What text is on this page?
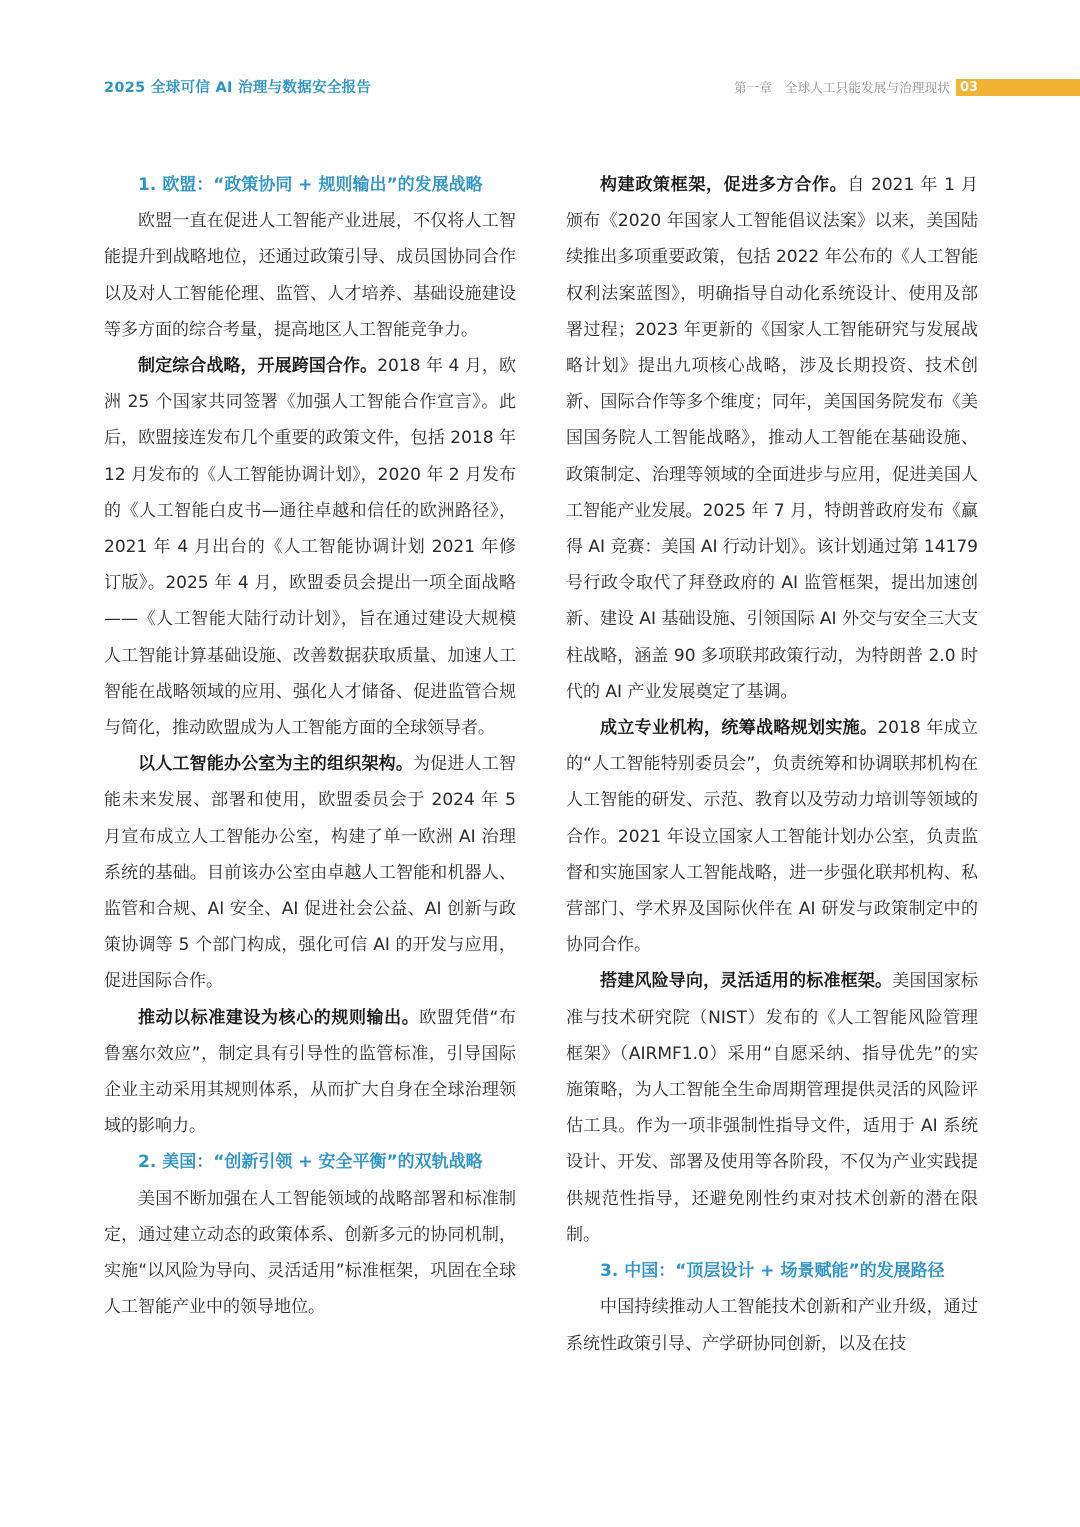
2025 全球可信 AI 治理与数据安全报告	第一章　全球人工只能发展与治理现状 03
1. 欧盟：“政策协同 + 规则输出”的发展战略

欧盟一直在促进人工智能产业进展，不仅将人工智能提升到战略地位，还通过政策引导、成员国协同合作以及对人工智能伦理、监管、人才培养、基础设施建设等多方面的综合考量，提高地区人工智能竞争力。

制定综合战略，开展跨国合作。2018 年 4 月，欧洲 25 个国家共同签署《加强人工智能合作宣言》。此后，欧盟接连发布几个重要的政策文件，包括 2018 年 12 月发布的《人工智能协调计划》，2020 年 2 月发布的《人工智能白皮书—通往卓越和信任的欧洲路径》，2021 年 4 月出台的《人工智能协调计划 2021 年修订版》。2025 年 4 月，欧盟委员会提出一项全面战略——《人工智能大陆行动计划》，旨在通过建设大规模人工智能计算基础设施、改善数据获取质量、加速人工智能在战略领域的应用、强化人才储备、促进监管合规与简化，推动欧盟成为人工智能方面的全球领导者。

以人工智能办公室为主的组织架构。为促进人工智能未来发展、部署和使用，欧盟委员会于 2024 年 5 月宣布成立人工智能办公室，构建了单一欧洲 AI 治理系统的基础。目前该办公室由卓越人工智能和机器人、监管和合规、AI 安全、AI 促进社会公益、AI 创新与政策协调等 5 个部门构成，强化可信 AI 的开发与应用，促进国际合作。

推动以标准建设为核心的规则输出。欧盟凭借“布鲁塞尔效应”，制定具有引导性的监管标准，引导国际企业主动采用其规则体系，从而扩大自身在全球治理领域的影响力。

2. 美国：“创新引领 + 安全平衡”的双轨战略

美国不断加强在人工智能领域的战略部署和标准制定，通过建立动态的政策体系、创新多元的协同机制，实施“以风险为导向、灵活适用”标准框架，巩固在全球人工智能产业中的领导地位。

构建政策框架，促进多方合作。自 2021 年 1 月颁布《2020 年国家人工智能倡议法案》以来，美国陆续推出多项重要政策，包括 2022 年公布的《人工智能权利法案蓝图》，明确指导自动化系统设计、使用及部署过程；2023 年更新的《国家人工智能研究与发展战略计划》提出九项核心战略，涉及长期投资、技术创新、国际合作等多个维度；同年，美国国务院发布《美国国务院人工智能战略》，推动人工智能在基础设施、政策制定、治理等领域的全面进步与应用，促进美国人工智能产业发展。2025 年 7 月，特朗普政府发布《赢得 AI 竞赛：美国 AI 行动计划》。该计划通过第 14179 号行政令取代了拜登政府的 AI 监管框架，提出加速创新、建设 AI 基础设施、引领国际 AI 外交与安全三大支柱战略，涵盖 90 多项联邦政策行动，为特朗普 2.0 时代的 AI 产业发展奠定了基调。

成立专业机构，统筹战略规划实施。2018 年成立的“人工智能特别委员会”，负责统筹和协调联邦机构在人工智能的研发、示范、教育以及劳动力培训等领域的合作。2021 年设立国家人工智能计划办公室，负责监督和实施国家人工智能战略，进一步强化联邦机构、私营部门、学术界及国际伙伴在 AI 研发与政策制定中的协同合作。

搭建风险导向，灵活适用的标准框架。美国国家标准与技术研究院（NIST）发布的《人工智能风险管理框架》（AIRMF1.0）采用“自愿采纳、指导优先”的实施策略，为人工智能全生命周期管理提供灵活的风险评估工具。作为一项非强制性指导文件，适用于 AI 系统设计、开发、部署及使用等各阶段，不仅为产业实践提供规范性指导，还避免刚性约束对技术创新的潜在限制。

3. 中国：“顶层设计 + 场景赋能”的发展路径

中国持续推动人工智能技术创新和产业升级，通过系统性政策引导、产学研协同创新，以及在技
